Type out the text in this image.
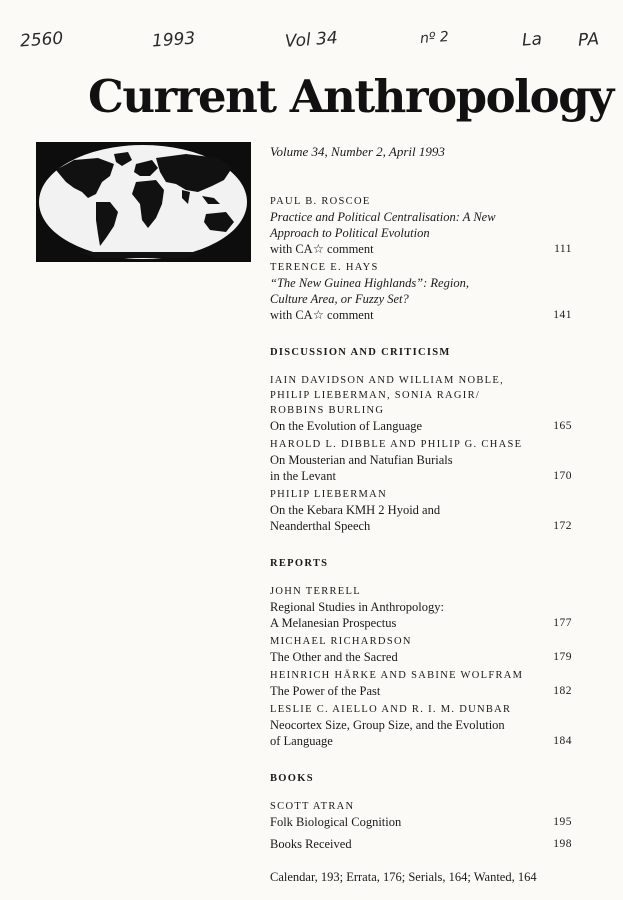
2560	1993	Vol 34	nº 2	La PA
Current Anthropology
Volume 34, Number 2, April 1993
PAUL B. ROSCOE
Practice and Political Centralisation: A New
Approach to Political Evolution
with CA☆ comment	111
TERENCE E. HAYS
“The New Guinea Highlands”: Region,
Culture Area, or Fuzzy Set?
with CA☆ comment	141
DISCUSSION AND CRITICISM
IAIN DAVIDSON AND WILLIAM NOBLE,
PHILIP LIEBERMAN, SONIA RAGIR/
ROBBINS BURLING
On the Evolution of Language	165
HAROLD L. DIBBLE AND PHILIP G. CHASE
On Mousterian and Natufian Burials
in the Levant	170
PHILIP LIEBERMAN
On the Kebara KMH 2 Hyoid and
Neanderthal Speech	172
REPORTS
JOHN TERRELL
Regional Studies in Anthropology:
A Melanesian Prospectus	177
MICHAEL RICHARDSON
The Other and the Sacred	179
HEINRICH HÄRKE AND SABINE WOLFRAM
The Power of the Past	182
LESLIE C. AIELLO AND R. I. M. DUNBAR
Neocortex Size, Group Size, and the Evolution
of Language	184
BOOKS
SCOTT ATRAN
Folk Biological Cognition	195
Books Received	198
Calendar, 193; Errata, 176; Serials, 164; Wanted, 164
